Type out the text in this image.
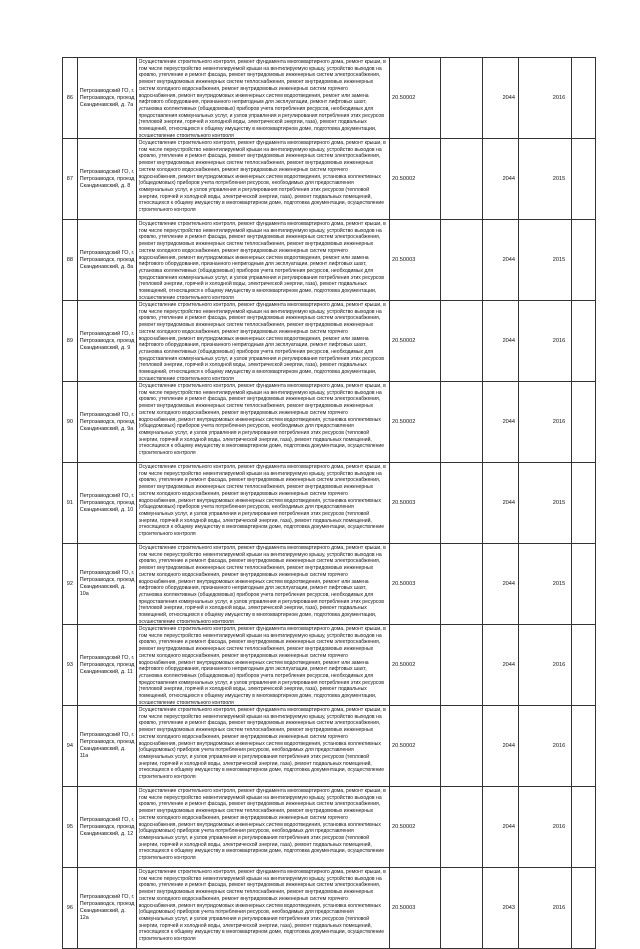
86	Петрозаводский ГО, г. Петрозаводск, проезд Скандинавский, д. 7а	Осуществление строительного контроля, ремонт фундамента многоквартирного дома, ремонт крыши, в том числе переустройство невентилируемой крыши на вентилируемую крышу, устройство выходов на кровлю, утепление и ремонт фасада, ремонт внутридомовых инженерных систем электроснабжения, ремонт внутридомовых инженерных систем теплоснабжения, ремонт внутридомовых инженерных систем холодного водоснабжения, ремонт внутридомовых инженерных систем горячего водоснабжения, ремонт внутридомовых инженерных систем водоотведения, ремонт или замена лифтового оборудования, признанного непригодным для эксплуатации, ремонт лифтовых шахт, установка коллективных (общедомовых) приборов учета потребления ресурсов, необходимых для предоставления коммунальных услуг, и узлов управления и регулирования потребления этих ресурсов (тепловой энергии, горячей и холодной воды, электрической энергии, газа), ремонт подвальных помещений, относящихся к общему имуществу в многоквартирном доме, подготовка документации, осуществление строительного контроля	20.50002		2044	2016	
87	Петрозаводский ГО, г. Петрозаводск, проезд Скандинавский, д. 8	Осуществление строительного контроля, ремонт фундамента многоквартирного дома, ремонт крыши, в том числе переустройство невентилируемой крыши на вентилируемую крышу, устройство выходов на кровлю, утепление и ремонт фасада, ремонт внутридомовых инженерных систем электроснабжения, ремонт внутридомовых инженерных систем теплоснабжения, ремонт внутридомовых инженерных систем холодного водоснабжения, ремонт внутридомовых инженерных систем горячего водоснабжения, ремонт внутридомовых инженерных систем водоотведения, установка коллективных (общедомовых) приборов учета потребления ресурсов, необходимых для предоставления коммунальных услуг, и узлов управления и регулирования потребления этих ресурсов (тепловой энергии, горячей и холодной воды, электрической энергии, газа), ремонт подвальных помещений, относящихся к общему имуществу в многоквартирном доме, подготовка документации, осуществление строительного контроля	20.50002		2044	2015	
88	Петрозаводский ГО, г. Петрозаводск, проезд Скандинавский, д. 8а	Осуществление строительного контроля, ремонт фундамента многоквартирного дома, ремонт крыши, в том числе переустройство невентилируемой крыши на вентилируемую крышу, устройство выходов на кровлю, утепление и ремонт фасада, ремонт внутридомовых инженерных систем электроснабжения, ремонт внутридомовых инженерных систем теплоснабжения, ремонт внутридомовых инженерных систем холодного водоснабжения, ремонт внутридомовых инженерных систем горячего водоснабжения, ремонт внутридомовых инженерных систем водоотведения, ремонт или замена лифтового оборудования, признанного непригодным для эксплуатации, ремонт лифтовых шахт, установка коллективных (общедомовых) приборов учета потребления ресурсов, необходимых для предоставления коммунальных услуг, и узлов управления и регулирования потребления этих ресурсов (тепловой энергии, горячей и холодной воды, электрической энергии, газа), ремонт подвальных помещений, относящихся к общему имуществу в многоквартирном доме, подготовка документации, осуществление строительного контроля	20.50003		2044	2015	
89	Петрозаводский ГО, г. Петрозаводск, проезд Скандинавский, д. 9	Осуществление строительного контроля, ремонт фундамента многоквартирного дома, ремонт крыши, в том числе переустройство невентилируемой крыши на вентилируемую крышу, устройство выходов на кровлю, утепление и ремонт фасада, ремонт внутридомовых инженерных систем электроснабжения, ремонт внутридомовых инженерных систем теплоснабжения, ремонт внутридомовых инженерных систем холодного водоснабжения, ремонт внутридомовых инженерных систем горячего водоснабжения, ремонт внутридомовых инженерных систем водоотведения, ремонт или замена лифтового оборудования, признанного непригодным для эксплуатации, ремонт лифтовых шахт, установка коллективных (общедомовых) приборов учета потребления ресурсов, необходимых для предоставления коммунальных услуг, и узлов управления и регулирования потребления этих ресурсов (тепловой энергии, горячей и холодной воды, электрической энергии, газа), ремонт подвальных помещений, относящихся к общему имуществу в многоквартирном доме, подготовка документации, осуществление строительного контроля	20.50002		2044	2016	
90	Петрозаводский ГО, г. Петрозаводск, проезд Скандинавский, д. 9а	Осуществление строительного контроля, ремонт фундамента многоквартирного дома, ремонт крыши, в том числе переустройство невентилируемой крыши на вентилируемую крышу, устройство выходов на кровлю, утепление и ремонт фасада, ремонт внутридомовых инженерных систем электроснабжения, ремонт внутридомовых инженерных систем теплоснабжения, ремонт внутридомовых инженерных систем холодного водоснабжения, ремонт внутридомовых инженерных систем горячего водоснабжения, ремонт внутридомовых инженерных систем водоотведения, установка коллективных (общедомовых) приборов учета потребления ресурсов, необходимых для предоставления коммунальных услуг, и узлов управления и регулирования потребления этих ресурсов (тепловой энергии, горячей и холодной воды, электрической энергии, газа), ремонт подвальных помещений, относящихся к общему имуществу в многоквартирном доме, подготовка документации, осуществление строительного контроля	20.50002		2044	2016	
91	Петрозаводский ГО, г. Петрозаводск, проезд Скандинавский, д. 10	Осуществление строительного контроля, ремонт фундамента многоквартирного дома, ремонт крыши, в том числе переустройство невентилируемой крыши на вентилируемую крышу, устройство выходов на кровлю, утепление и ремонт фасада, ремонт внутридомовых инженерных систем электроснабжения, ремонт внутридомовых инженерных систем теплоснабжения, ремонт внутридомовых инженерных систем холодного водоснабжения, ремонт внутридомовых инженерных систем горячего водоснабжения, ремонт внутридомовых инженерных систем водоотведения, установка коллективных (общедомовых) приборов учета потребления ресурсов, необходимых для предоставления коммунальных услуг, и узлов управления и регулирования потребления этих ресурсов (тепловой энергии, горячей и холодной воды, электрической энергии, газа), ремонт подвальных помещений, относящихся к общему имуществу в многоквартирном доме, подготовка документации, осуществление строительного контроля	20.50003		2044	2015	
92	Петрозаводский ГО, г. Петрозаводск, проезд Скандинавский, д. 10а	Осуществление строительного контроля, ремонт фундамента многоквартирного дома, ремонт крыши, в том числе переустройство невентилируемой крыши на вентилируемую крышу, устройство выходов на кровлю, утепление и ремонт фасада, ремонт внутридомовых инженерных систем электроснабжения, ремонт внутридомовых инженерных систем теплоснабжения, ремонт внутридомовых инженерных систем холодного водоснабжения, ремонт внутридомовых инженерных систем горячего водоснабжения, ремонт внутридомовых инженерных систем водоотведения, ремонт или замена лифтового оборудования, признанного непригодным для эксплуатации, ремонт лифтовых шахт, установка коллективных (общедомовых) приборов учета потребления ресурсов, необходимых для предоставления коммунальных услуг, и узлов управления и регулирования потребления этих ресурсов (тепловой энергии, горячей и холодной воды, электрической энергии, газа), ремонт подвальных помещений, относящихся к общему имуществу в многоквартирном доме, подготовка документации, осуществление строительного контроля	20.50003		2044	2015	
93	Петрозаводский ГО, г. Петрозаводск, проезд Скандинавский, д. 11	Осуществление строительного контроля, ремонт фундамента многоквартирного дома, ремонт крыши, в том числе переустройство невентилируемой крыши на вентилируемую крышу, устройство выходов на кровлю, утепление и ремонт фасада, ремонт внутридомовых инженерных систем электроснабжения, ремонт внутридомовых инженерных систем теплоснабжения, ремонт внутридомовых инженерных систем холодного водоснабжения, ремонт внутридомовых инженерных систем горячего водоснабжения, ремонт внутридомовых инженерных систем водоотведения, ремонт или замена лифтового оборудования, признанного непригодным для эксплуатации, ремонт лифтовых шахт, установка коллективных (общедомовых) приборов учета потребления ресурсов, необходимых для предоставления коммунальных услуг, и узлов управления и регулирования потребления этих ресурсов (тепловой энергии, горячей и холодной воды, электрической энергии, газа), ремонт подвальных помещений, относящихся к общему имуществу в многоквартирном доме, подготовка документации, осуществление строительного контроля	20.50002		2044	2016	
94	Петрозаводский ГО, г. Петрозаводск, проезд Скандинавский, д. 11а	Осуществление строительного контроля, ремонт фундамента многоквартирного дома, ремонт крыши, в том числе переустройство невентилируемой крыши на вентилируемую крышу, устройство выходов на кровлю, утепление и ремонт фасада, ремонт внутридомовых инженерных систем электроснабжения, ремонт внутридомовых инженерных систем теплоснабжения, ремонт внутридомовых инженерных систем холодного водоснабжения, ремонт внутридомовых инженерных систем горячего водоснабжения, ремонт внутридомовых инженерных систем водоотведения, установка коллективных (общедомовых) приборов учета потребления ресурсов, необходимых для предоставления коммунальных услуг, и узлов управления и регулирования потребления этих ресурсов (тепловой энергии, горячей и холодной воды, электрической энергии, газа), ремонт подвальных помещений, относящихся к общему имуществу в многоквартирном доме, подготовка документации, осуществление строительного контроля	20.50002		2044	2016	
95	Петрозаводский ГО, г. Петрозаводск, проезд Скандинавский, д. 12	Осуществление строительного контроля, ремонт фундамента многоквартирного дома, ремонт крыши, в том числе переустройство невентилируемой крыши на вентилируемую крышу, устройство выходов на кровлю, утепление и ремонт фасада, ремонт внутридомовых инженерных систем электроснабжения, ремонт внутридомовых инженерных систем теплоснабжения, ремонт внутридомовых инженерных систем холодного водоснабжения, ремонт внутридомовых инженерных систем горячего водоснабжения, ремонт внутридомовых инженерных систем водоотведения, установка коллективных (общедомовых) приборов учета потребления ресурсов, необходимых для предоставления коммунальных услуг, и узлов управления и регулирования потребления этих ресурсов (тепловой энергии, горячей и холодной воды, электрической энергии, газа), ремонт подвальных помещений, относящихся к общему имуществу в многоквартирном доме, подготовка документации, осуществление строительного контроля	20.50002		2044	2016	
96	Петрозаводский ГО, г. Петрозаводск, проезд Скандинавский, д. 12а	Осуществление строительного контроля, ремонт фундамента многоквартирного дома, ремонт крыши, в том числе переустройство невентилируемой крыши на вентилируемую крышу, устройство выходов на кровлю, утепление и ремонт фасада, ремонт внутридомовых инженерных систем электроснабжения, ремонт внутридомовых инженерных систем теплоснабжения, ремонт внутридомовых инженерных систем холодного водоснабжения, ремонт внутридомовых инженерных систем горячего водоснабжения, ремонт внутридомовых инженерных систем водоотведения, установка коллективных (общедомовых) приборов учета потребления ресурсов, необходимых для предоставления коммунальных услуг, и узлов управления и регулирования потребления этих ресурсов (тепловой энергии, горячей и холодной воды, электрической энергии, газа), ремонт подвальных помещений, относящихся к общему имуществу в многоквартирном доме, подготовка документации, осуществление строительного контроля	20.50003		2043	2016	
